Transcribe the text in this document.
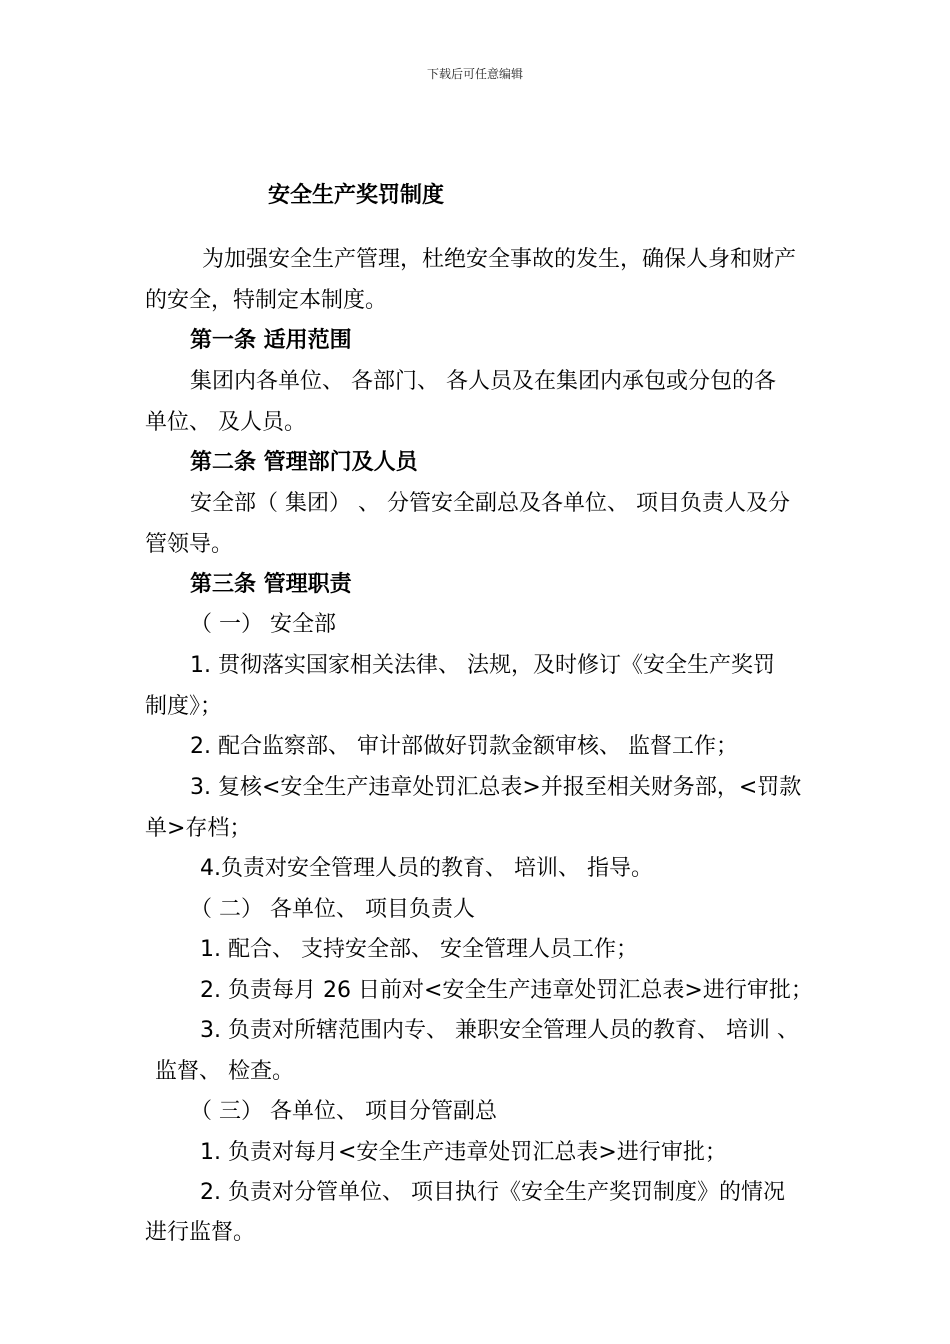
下载后可任意编辑
安全生产奖罚制度
为加强安全生产管理，杜绝安全事故的发生，确保人身和财产
的安全，特制定本制度。
第一条 适用范围
集团内各单位、 各部门、 各人员及在集团内承包或分包的各
单位、 及人员。
第二条 管理部门及人员
安全部（ 集团） 、 分管安全副总及各单位、 项目负责人及分
管领导。
第三条 管理职责
（ 一） 安全部
1. 贯彻落实国家相关法律、 法规，及时修订《安全生产奖罚
制度》；
2. 配合监察部、 审计部做好罚款金额审核、 监督工作；
3. 复核<安全生产违章处罚汇总表>并报至相关财务部，<罚款
单>存档；
4.负责对安全管理人员的教育、 培训、 指导。
（ 二） 各单位、 项目负责人
1. 配合、 支持安全部、 安全管理人员工作；
2. 负责每月 26 日前对<安全生产违章处罚汇总表>进行审批；
3. 负责对所辖范围内专、 兼职安全管理人员的教育、 培训 、
监督、 检查。
（ 三） 各单位、 项目分管副总
1. 负责对每月<安全生产违章处罚汇总表>进行审批；
2. 负责对分管单位、 项目执行《安全生产奖罚制度》的情况
进行监督。
